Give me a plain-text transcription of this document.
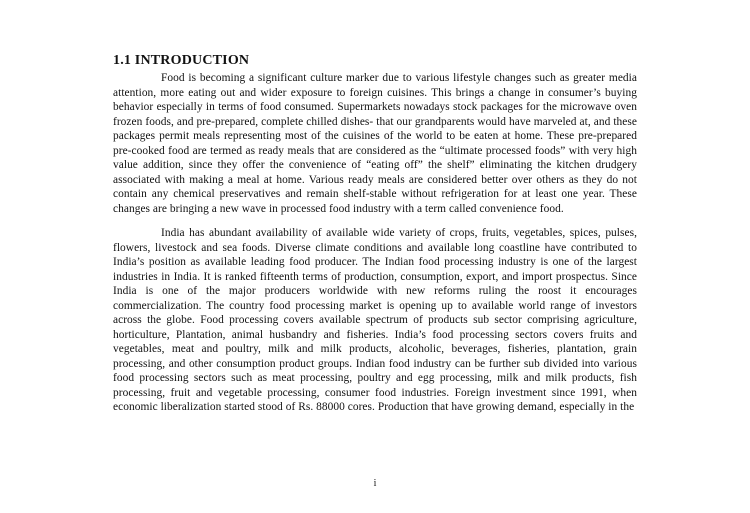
1.1 INTRODUCTION

Food is becoming a significant culture marker due to various lifestyle changes such as greater media attention, more eating out and wider exposure to foreign cuisines. This brings a change in consumer’s buying behavior especially in terms of food consumed. Supermarkets nowadays stock packages for the microwave oven frozen foods, and pre-prepared, complete chilled dishes- that our grandparents would have marveled at, and these packages permit meals representing most of the cuisines of the world to be eaten at home. These pre-prepared pre-cooked food are termed as ready meals that are considered as the “ultimate processed foods” with very high value addition, since they offer the convenience of “eating off” the shelf” eliminating the kitchen drudgery associated with making a meal at home. Various ready meals are considered better over others as they do not contain any chemical preservatives and remain shelf-stable without refrigeration for at least one year. These changes are bringing a new wave in processed food industry with a term called convenience food.

India has abundant availability of available wide variety of crops, fruits, vegetables, spices, pulses, flowers, livestock and sea foods. Diverse climate conditions and available long coastline have contributed to India’s position as available leading food producer. The Indian food processing industry is one of the largest industries in India. It is ranked fifteenth terms of production, consumption, export, and import prospectus. Since India is one of the major producers worldwide with new reforms ruling the roost it encourages commercialization. The country food processing market is opening up to available world range of investors across the globe. Food processing covers available spectrum of products sub sector comprising agriculture, horticulture, Plantation, animal husbandry and fisheries. India’s food processing sectors covers fruits and vegetables, meat and poultry, milk and milk products, alcoholic, beverages, fisheries, plantation, grain processing, and other consumption product groups. Indian food industry can be further sub divided into various food processing sectors such as meat processing, poultry and egg processing, milk and milk products, fish processing, fruit and vegetable processing, consumer food industries. Foreign investment since 1991, when economic liberalization started stood of Rs. 88000 cores. Production that have growing demand, especially in the

i
